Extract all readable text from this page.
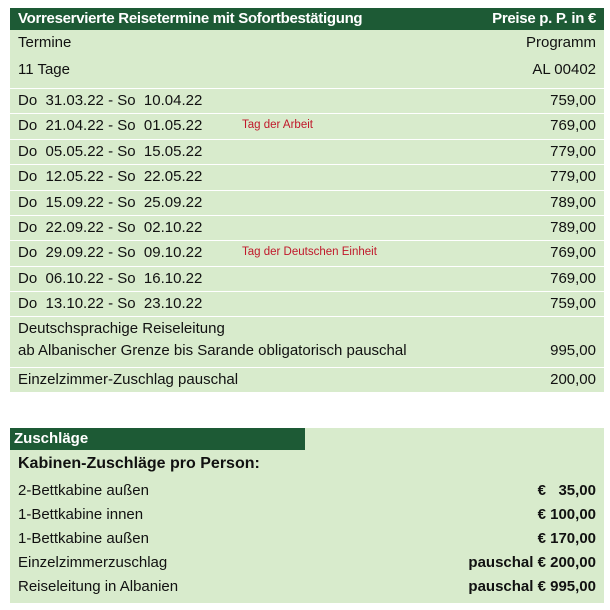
Vorreservierte Reisetermine mit Sofortbestätigung	Preise p. P. in €
Termine	Programm
11 Tage	AL 00402
Do  31.03.22 - So  10.04.22	759,00
Do  21.04.22 - So  01.05.22	Tag der Arbeit	769,00
Do  05.05.22 - So  15.05.22	779,00
Do  12.05.22 - So  22.05.22	779,00
Do  15.09.22 - So  25.09.22	789,00
Do  22.09.22 - So  02.10.22	789,00
Do  29.09.22 - So  09.10.22	Tag der Deutschen Einheit	769,00
Do  06.10.22 - So  16.10.22	769,00
Do  13.10.22 - So  23.10.22	759,00
Deutschsprachige Reiseleitung
ab Albanischer Grenze bis Sarande obligatorisch pauschal	995,00
Einzelzimmer-Zuschlag pauschal	200,00
Zuschläge
Kabinen-Zuschläge pro Person:
2-Bettkabine außen	€   35,00
1-Bettkabine innen	€ 100,00
1-Bettkabine außen	€ 170,00
Einzelzimmerzuschlag	pauschal € 200,00
Reiseleitung in Albanien	pauschal € 995,00
